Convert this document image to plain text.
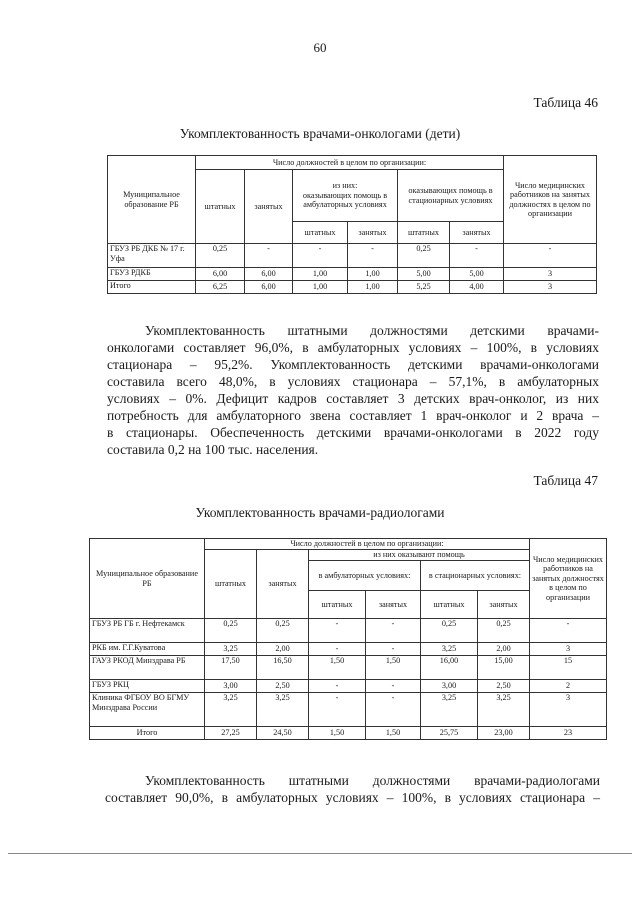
60
Таблица 46
Укомплектованность врачами-онкологами (дети)
Муниципальное образование РБ	Число должностей в целом по организации:						Число медицинских работников на занятых должностях в целом по организации
	штатных	занятых	из них:
оказывающих помощь в амбулаторных условиях		оказывающих помощь в стационарных условиях		
			штатных	занятых	штатных	занятых	
ГБУЗ РБ ДКБ № 17 г. Уфа	0,25	-	-	-	0,25	-	-
ГБУЗ РДКБ	6,00	6,00	1,00	1,00	5,00	5,00	3
Итого	6,25	6,00	1,00	1,00	5,25	4,00	3
Укомплектованность штатными должностями детскими врачами-
онкологами составляет 96,0%, в амбулаторных условиях – 100%, в условиях
стационара – 95,2%. Укомплектованность детскими врачами-онкологами
составила всего 48,0%, в условиях стационара – 57,1%, в амбулаторных
условиях – 0%. Дефицит кадров составляет 3 детских врач-онколог, из них
потребность для амбулаторного звена составляет 1 врач-онколог и 2 врача –
в стационары. Обеспеченность детскими врачами-онкологами в 2022 году
составила 0,2 на 100 тыс. населения.
Таблица 47
Укомплектованность врачами-радиологами
Муниципальное образование РБ	Число должностей в целом по организации:						Число медицинских работников на занятых должностях в целом по организации
	штатных	занятых	из них оказывают помощь				
			в амбулаторных условиях:		в стационарных условиях:		
			штатных	занятых	штатных	занятых	
ГБУЗ РБ ГБ г. Нефтекамск	0,25	0,25	-	-	0,25	0,25	-
РКБ им. Г.Г.Куватова	3,25	2,00	-	-	3,25	2,00	3
ГАУЗ РКОД Минздрава РБ	17,50	16,50	1,50	1,50	16,00	15,00	15
ГБУЗ РКЦ	3,00	2,50	-	-	3,00	2,50	2
Клиника ФГБОУ ВО БГМУ Минздрава России	3,25	3,25	-	-	3,25	3,25	3
Итого	27,25	24,50	1,50	1,50	25,75	23,00	23
Укомплектованность штатными должностями врачами-радиологами
составляет 90,0%, в амбулаторных условиях – 100%, в условиях стационара –
